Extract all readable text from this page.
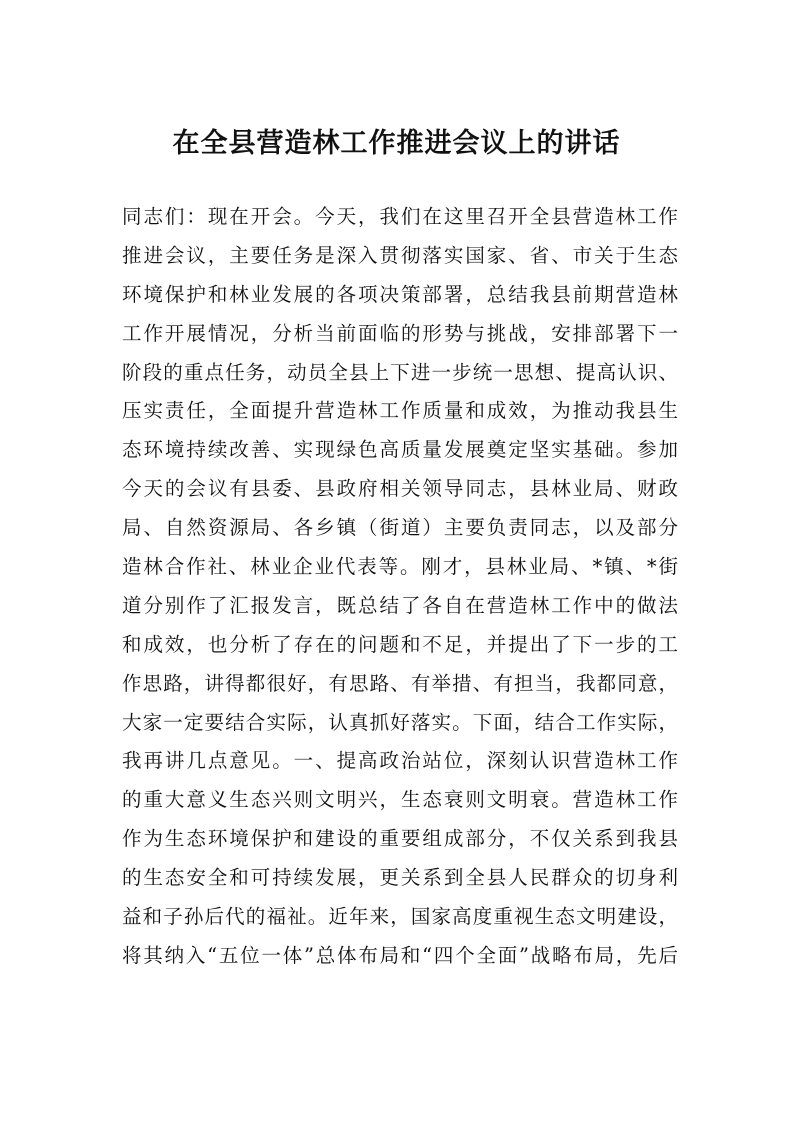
在全县营造林工作推进会议上的讲话
同志们：现在开会。今天，我们在这里召开全县营造林工作
推进会议，主要任务是深入贯彻落实国家、省、市关于生态
环境保护和林业发展的各项决策部署，总结我县前期营造林
工作开展情况，分析当前面临的形势与挑战，安排部署下一
阶段的重点任务，动员全县上下进一步统一思想、提高认识、
压实责任，全面提升营造林工作质量和成效，为推动我县生
态环境持续改善、实现绿色高质量发展奠定坚实基础。参加
今天的会议有县委、县政府相关领导同志，县林业局、财政
局、自然资源局、各乡镇（街道）主要负责同志，以及部分
造林合作社、林业企业代表等。刚才，县林业局、*镇、*街
道分别作了汇报发言，既总结了各自在营造林工作中的做法
和成效，也分析了存在的问题和不足，并提出了下一步的工
作思路，讲得都很好，有思路、有举措、有担当，我都同意，
大家一定要结合实际，认真抓好落实。下面，结合工作实际，
我再讲几点意见。一、提高政治站位，深刻认识营造林工作
的重大意义生态兴则文明兴，生态衰则文明衰。营造林工作
作为生态环境保护和建设的重要组成部分，不仅关系到我县
的生态安全和可持续发展，更关系到全县人民群众的切身利
益和子孙后代的福祉。近年来，国家高度重视生态文明建设，
将其纳入“五位一体”总体布局和“四个全面”战略布局，先后
